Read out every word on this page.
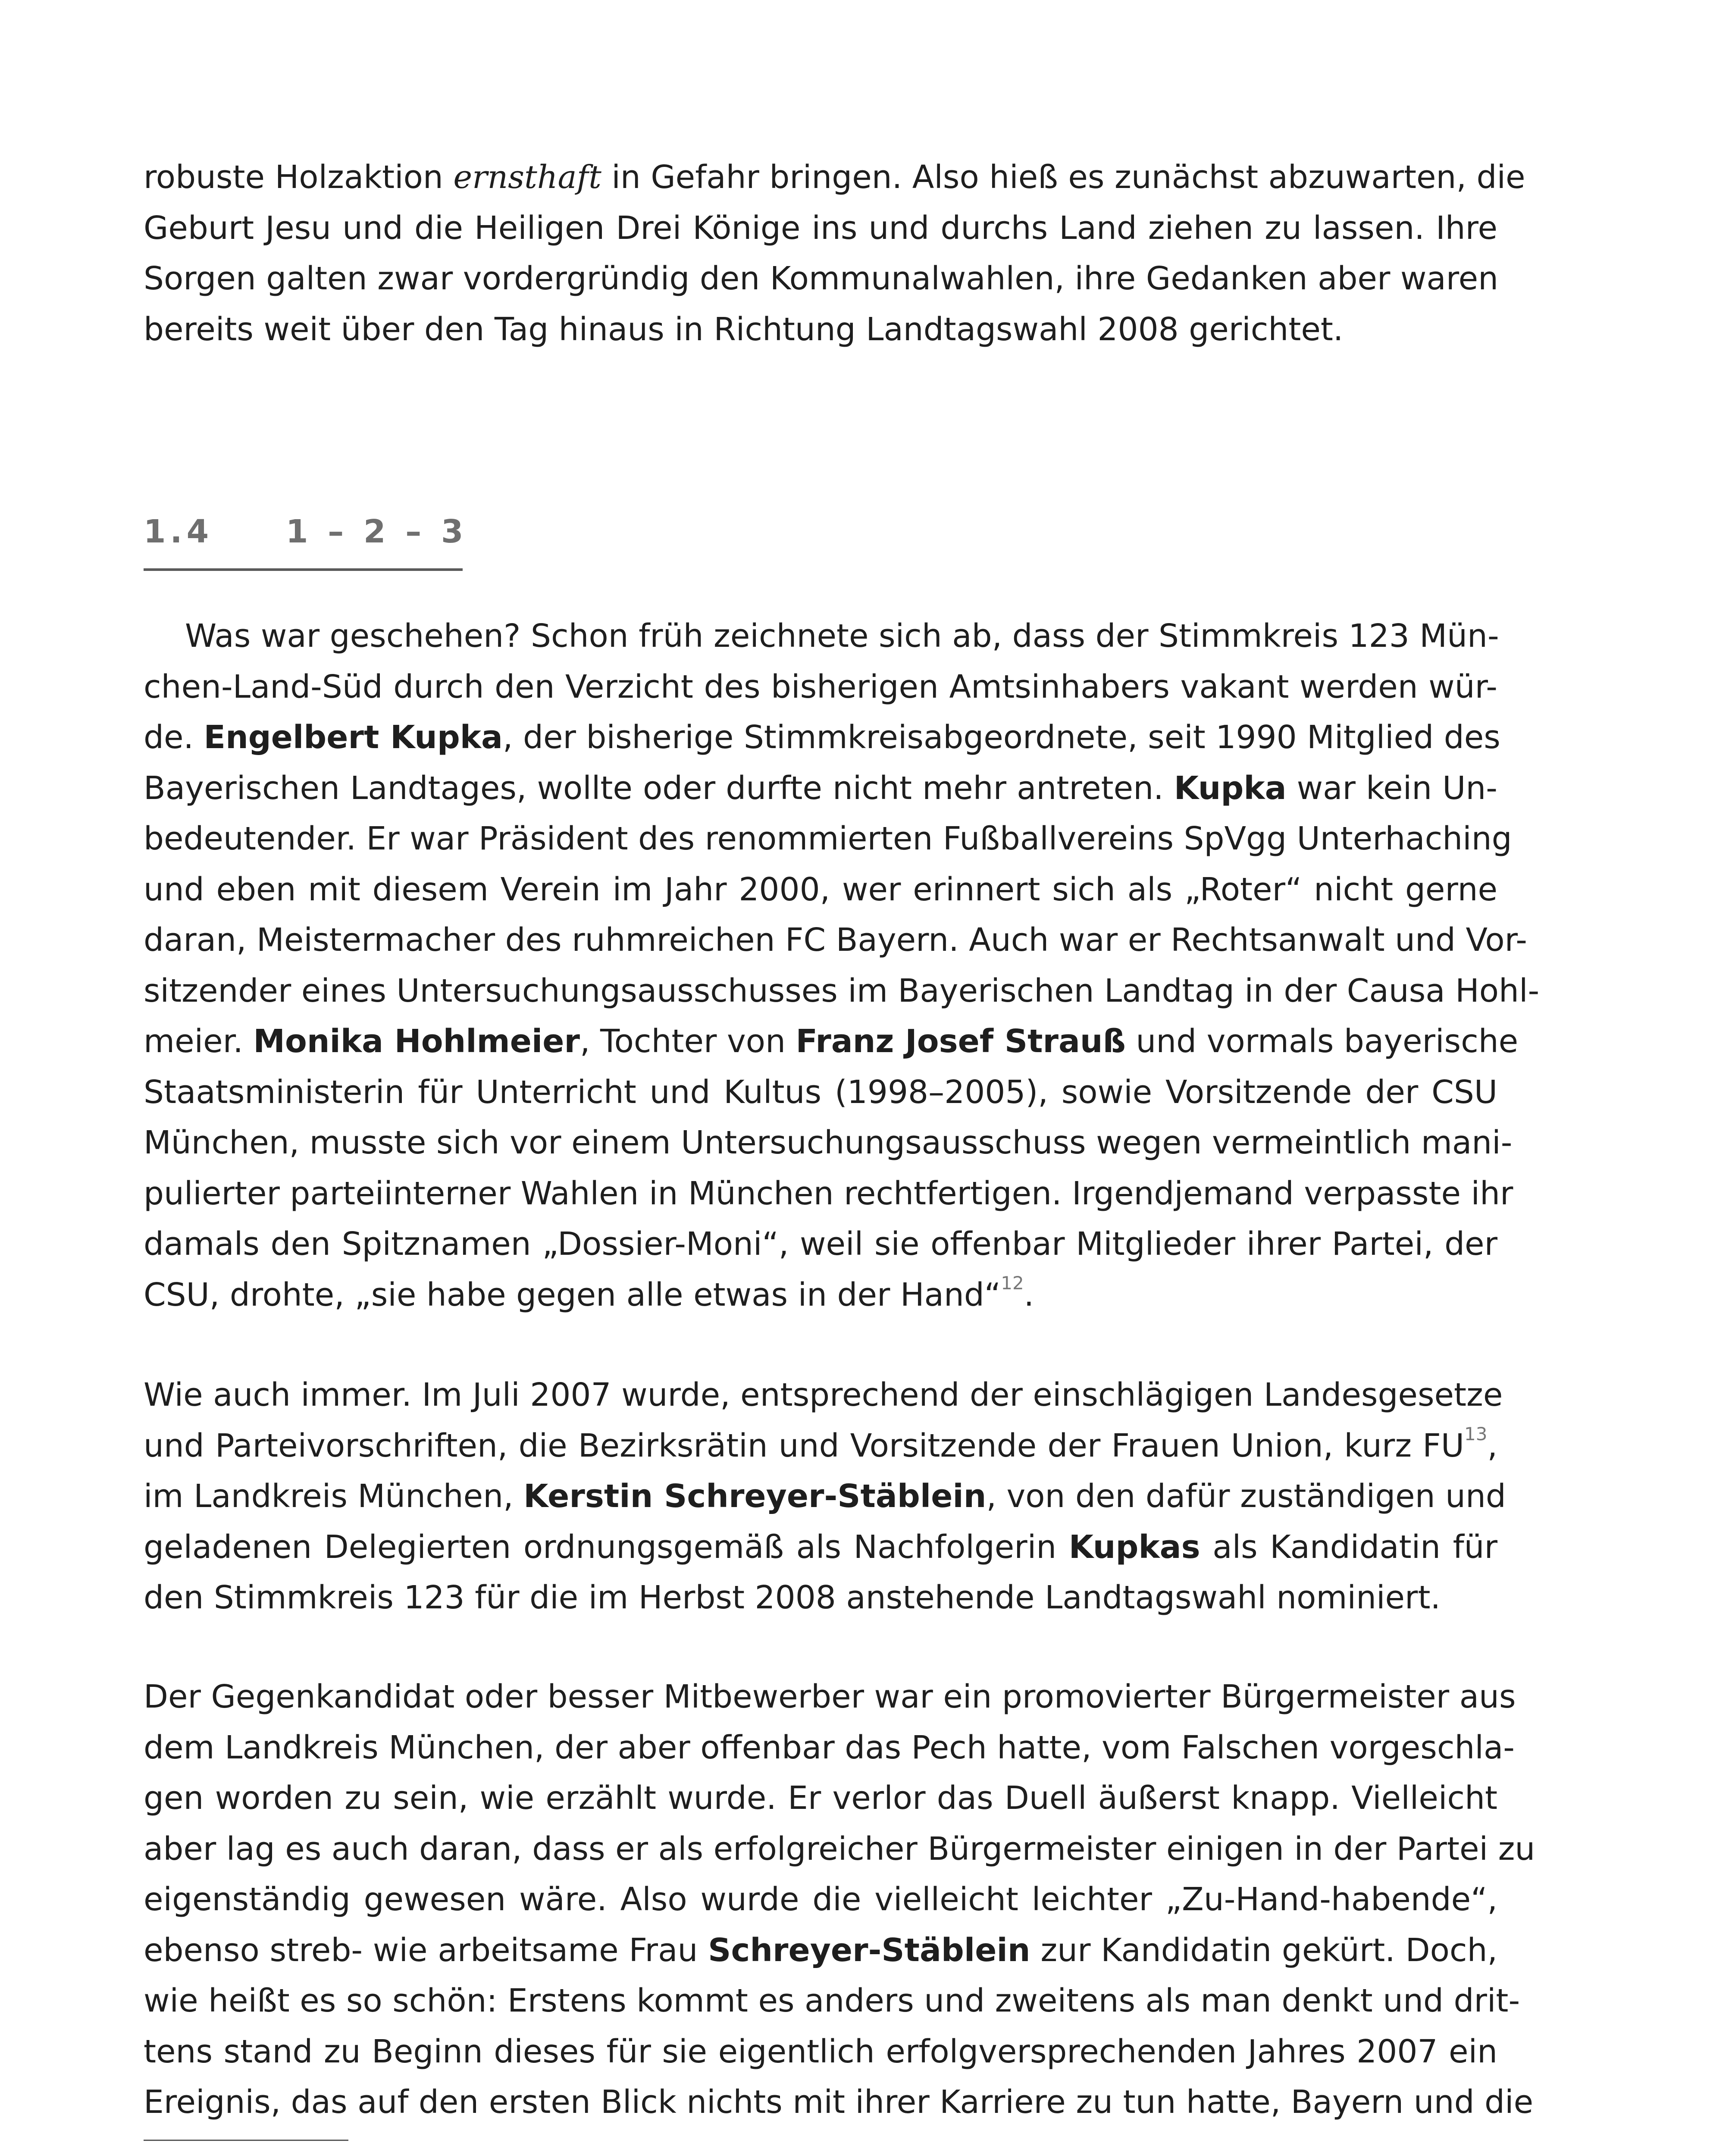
robuste Holzaktion ernsthaft in Gefahr bringen. Also hieß es zunächst abzuwarten, die
Geburt Jesu und die Heiligen Drei Könige ins und durchs Land ziehen zu lassen. Ihre
Sorgen galten zwar vordergründig den Kommunalwahlen, ihre Gedanken aber waren
bereits weit über den Tag hinaus in Richtung Landtagswahl 2008 gerichtet.
1.4 1 – 2 – 3
Was war geschehen? Schon früh zeichnete sich ab, dass der Stimmkreis 123 Mün-
chen-Land-Süd durch den Verzicht des bisherigen Amtsinhabers vakant werden wür-
de. Engelbert Kupka, der bisherige Stimmkreisabgeordnete, seit 1990 Mitglied des
Bayerischen Landtages, wollte oder durfte nicht mehr antreten. Kupka war kein Un-
bedeutender. Er war Präsident des renommierten Fußballvereins SpVgg Unterhaching
und eben mit diesem Verein im Jahr 2000, wer erinnert sich als „Roter“ nicht gerne
daran, Meistermacher des ruhmreichen FC Bayern. Auch war er Rechtsanwalt und Vor-
sitzender eines Untersuchungsausschusses im Bayerischen Landtag in der Causa Hohl-
meier. Monika Hohlmeier, Tochter von Franz Josef Strauß und vormals bayerische
Staatsministerin für Unterricht und Kultus (1998–2005), sowie Vorsitzende der CSU
München, musste sich vor einem Untersuchungsausschuss wegen vermeintlich mani-
pulierter parteiinterner Wahlen in München rechtfertigen. Irgendjemand verpasste ihr
damals den Spitznamen „Dossier-Moni“, weil sie offenbar Mitglieder ihrer Partei, der
CSU, drohte, „sie habe gegen alle etwas in der Hand“$^{12}$.
Wie auch immer. Im Juli 2007 wurde, entsprechend der einschlägigen Landesgesetze
und Parteivorschriften, die Bezirksrätin und Vorsitzende der Frauen Union, kurz FU$^{13}$,
im Landkreis München, Kerstin Schreyer-Stäblein, von den dafür zuständigen und
geladenen Delegierten ordnungsgemäß als Nachfolgerin Kupkas als Kandidatin für
den Stimmkreis 123 für die im Herbst 2008 anstehende Landtagswahl nominiert.
Der Gegenkandidat oder besser Mitbewerber war ein promovierter Bürgermeister aus
dem Landkreis München, der aber offenbar das Pech hatte, vom Falschen vorgeschla-
gen worden zu sein, wie erzählt wurde. Er verlor das Duell äußerst knapp. Vielleicht
aber lag es auch daran, dass er als erfolgreicher Bürgermeister einigen in der Partei zu
eigenständig gewesen wäre. Also wurde die vielleicht leichter „Zu-Hand-habende“,
ebenso streb- wie arbeitsame Frau Schreyer-Stäblein zur Kandidatin gekürt. Doch,
wie heißt es so schön: Erstens kommt es anders und zweitens als man denkt und drit-
tens stand zu Beginn dieses für sie eigentlich erfolgversprechenden Jahres 2007 ein
Ereignis, das auf den ersten Blick nichts mit ihrer Karriere zu tun hatte, Bayern und die
